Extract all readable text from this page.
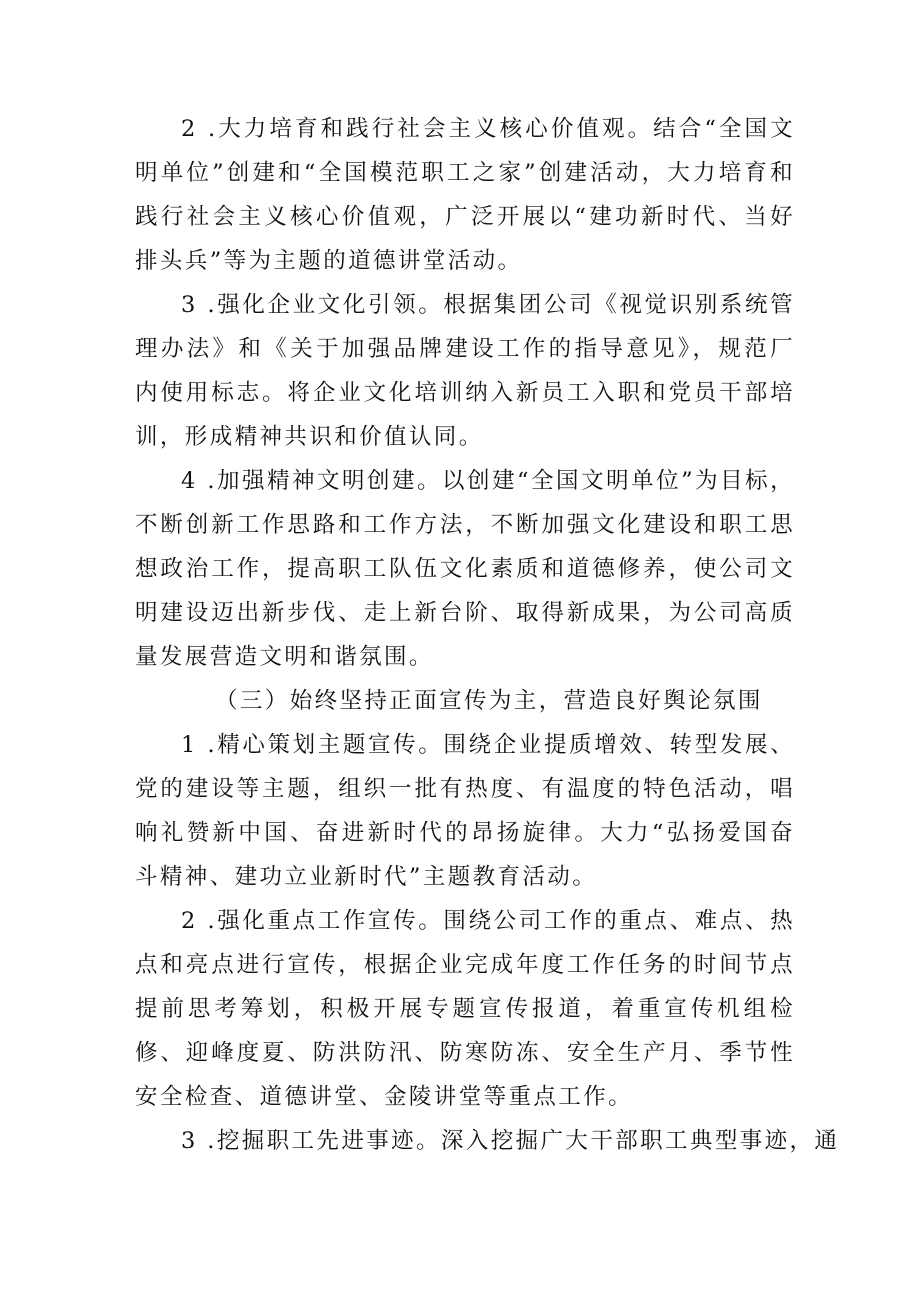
2 .大力培育和践行社会主义核心价值观。结合“全国文明单位”创建和“全国模范职工之家”创建活动，大力培育和践行社会主义核心价值观，广泛开展以“建功新时代、当好排头兵”等为主题的道德讲堂活动。

3 .强化企业文化引领。根据集团公司《视觉识别系统管理办法》和《关于加强品牌建设工作的指导意见》，规范厂内使用标志。将企业文化培训纳入新员工入职和党员干部培训，形成精神共识和价值认同。

4 .加强精神文明创建。以创建“全国文明单位”为目标，不断创新工作思路和工作方法，不断加强文化建设和职工思想政治工作，提高职工队伍文化素质和道德修养，使公司文明建设迈出新步伐、走上新台阶、取得新成果，为公司高质量发展营造文明和谐氛围。

（三）始终坚持正面宣传为主，营造良好舆论氛围

1 .精心策划主题宣传。围绕企业提质增效、转型发展、党的建设等主题，组织一批有热度、有温度的特色活动，唱响礼赞新中国、奋进新时代的昂扬旋律。大力“弘扬爱国奋斗精神、建功立业新时代”主题教育活动。

2 .强化重点工作宣传。围绕公司工作的重点、难点、热点和亮点进行宣传，根据企业完成年度工作任务的时间节点提前思考筹划，积极开展专题宣传报道，着重宣传机组检修、迎峰度夏、防洪防汛、防寒防冻、安全生产月、季节性安全检查、道德讲堂、金陵讲堂等重点工作。

3 .挖掘职工先进事迹。深入挖掘广大干部职工典型事迹，通
